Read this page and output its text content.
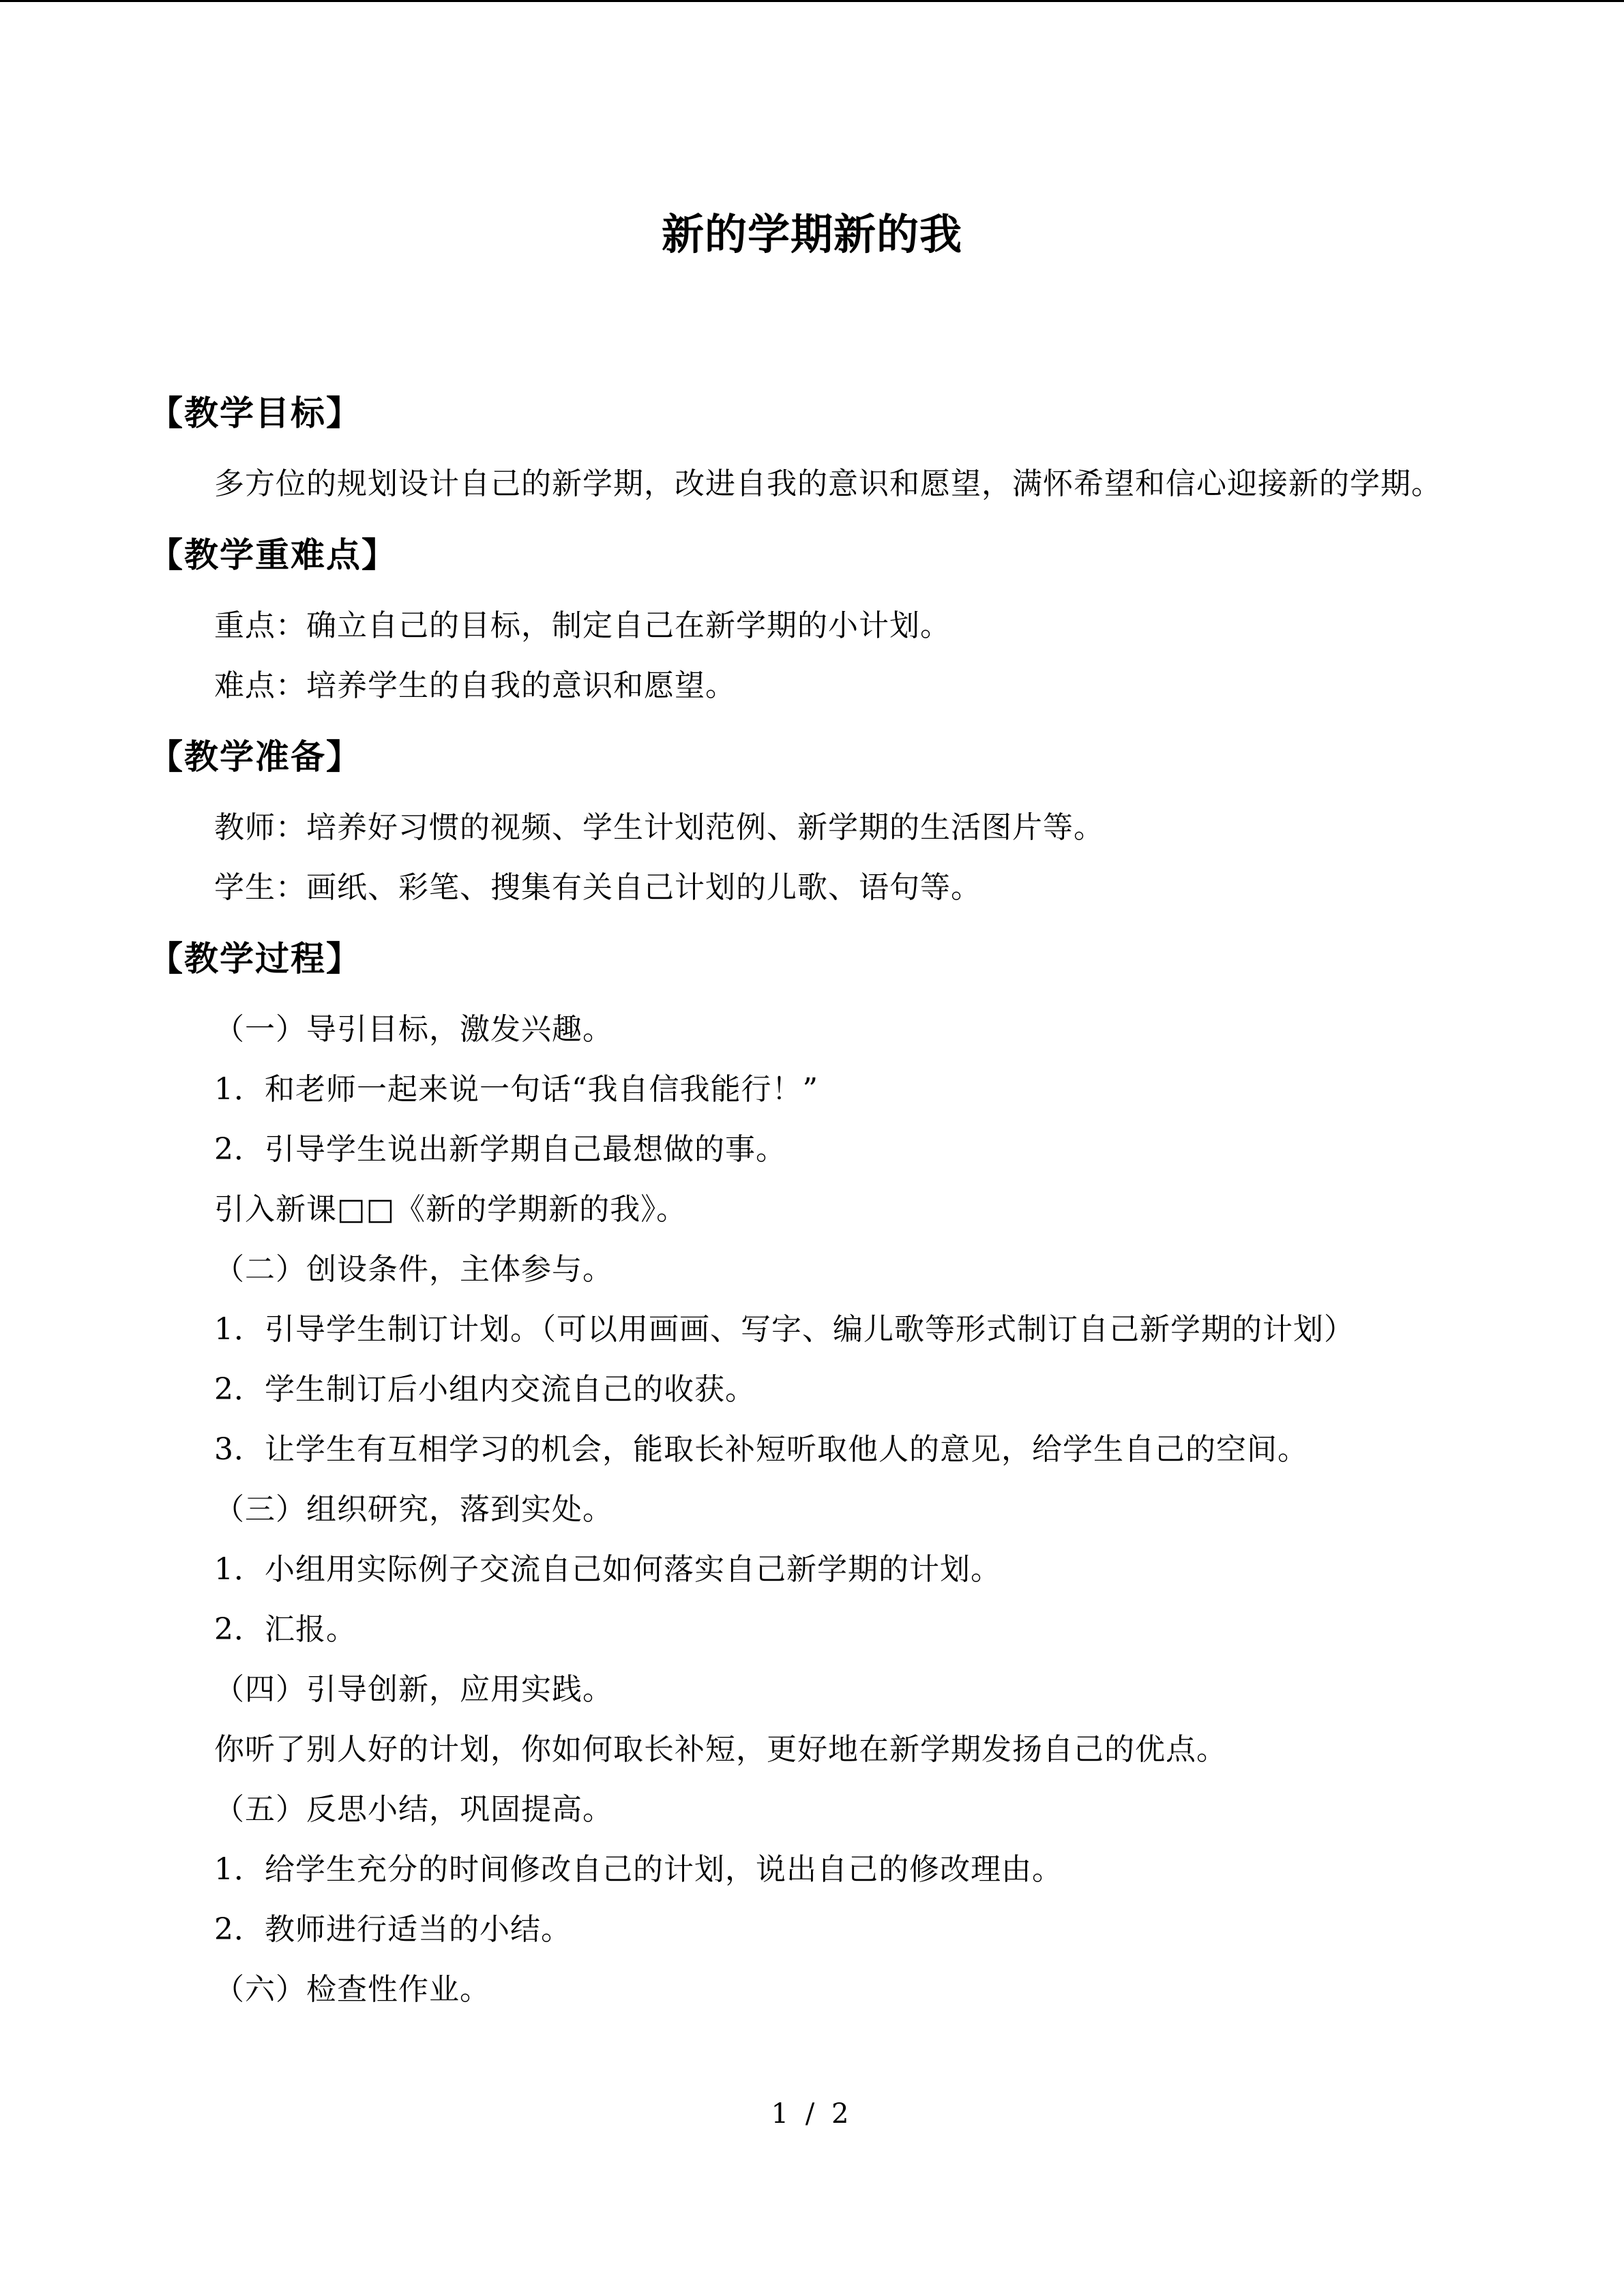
新的学期新的我

【教学目标】

多方位的规划设计自己的新学期，改进自我的意识和愿望，满怀希望和信心迎接新的学期。

【教学重难点】

重点：确立自己的目标，制定自己在新学期的小计划。

难点：培养学生的自我的意识和愿望。

【教学准备】

教师：培养好习惯的视频、学生计划范例、新学期的生活图片等。

学生：画纸、彩笔、搜集有关自己计划的儿歌、语句等。

【教学过程】

（一）导引目标，激发兴趣。

1．和老师一起来说一句话“我自信我能行！”

2．引导学生说出新学期自己最想做的事。

引入新课□□《新的学期新的我》。

（二）创设条件，主体参与。

1．引导学生制订计划。（可以用画画、写字、编儿歌等形式制订自己新学期的计划）

2．学生制订后小组内交流自己的收获。

3．让学生有互相学习的机会，能取长补短听取他人的意见，给学生自己的空间。

（三）组织研究，落到实处。

1．小组用实际例子交流自己如何落实自己新学期的计划。

2．汇报。

（四）引导创新，应用实践。

你听了别人好的计划，你如何取长补短，更好地在新学期发扬自己的优点。

（五）反思小结，巩固提高。

1．给学生充分的时间修改自己的计划，说出自己的修改理由。

2．教师进行适当的小结。

（六）检查性作业。

1 / 2
